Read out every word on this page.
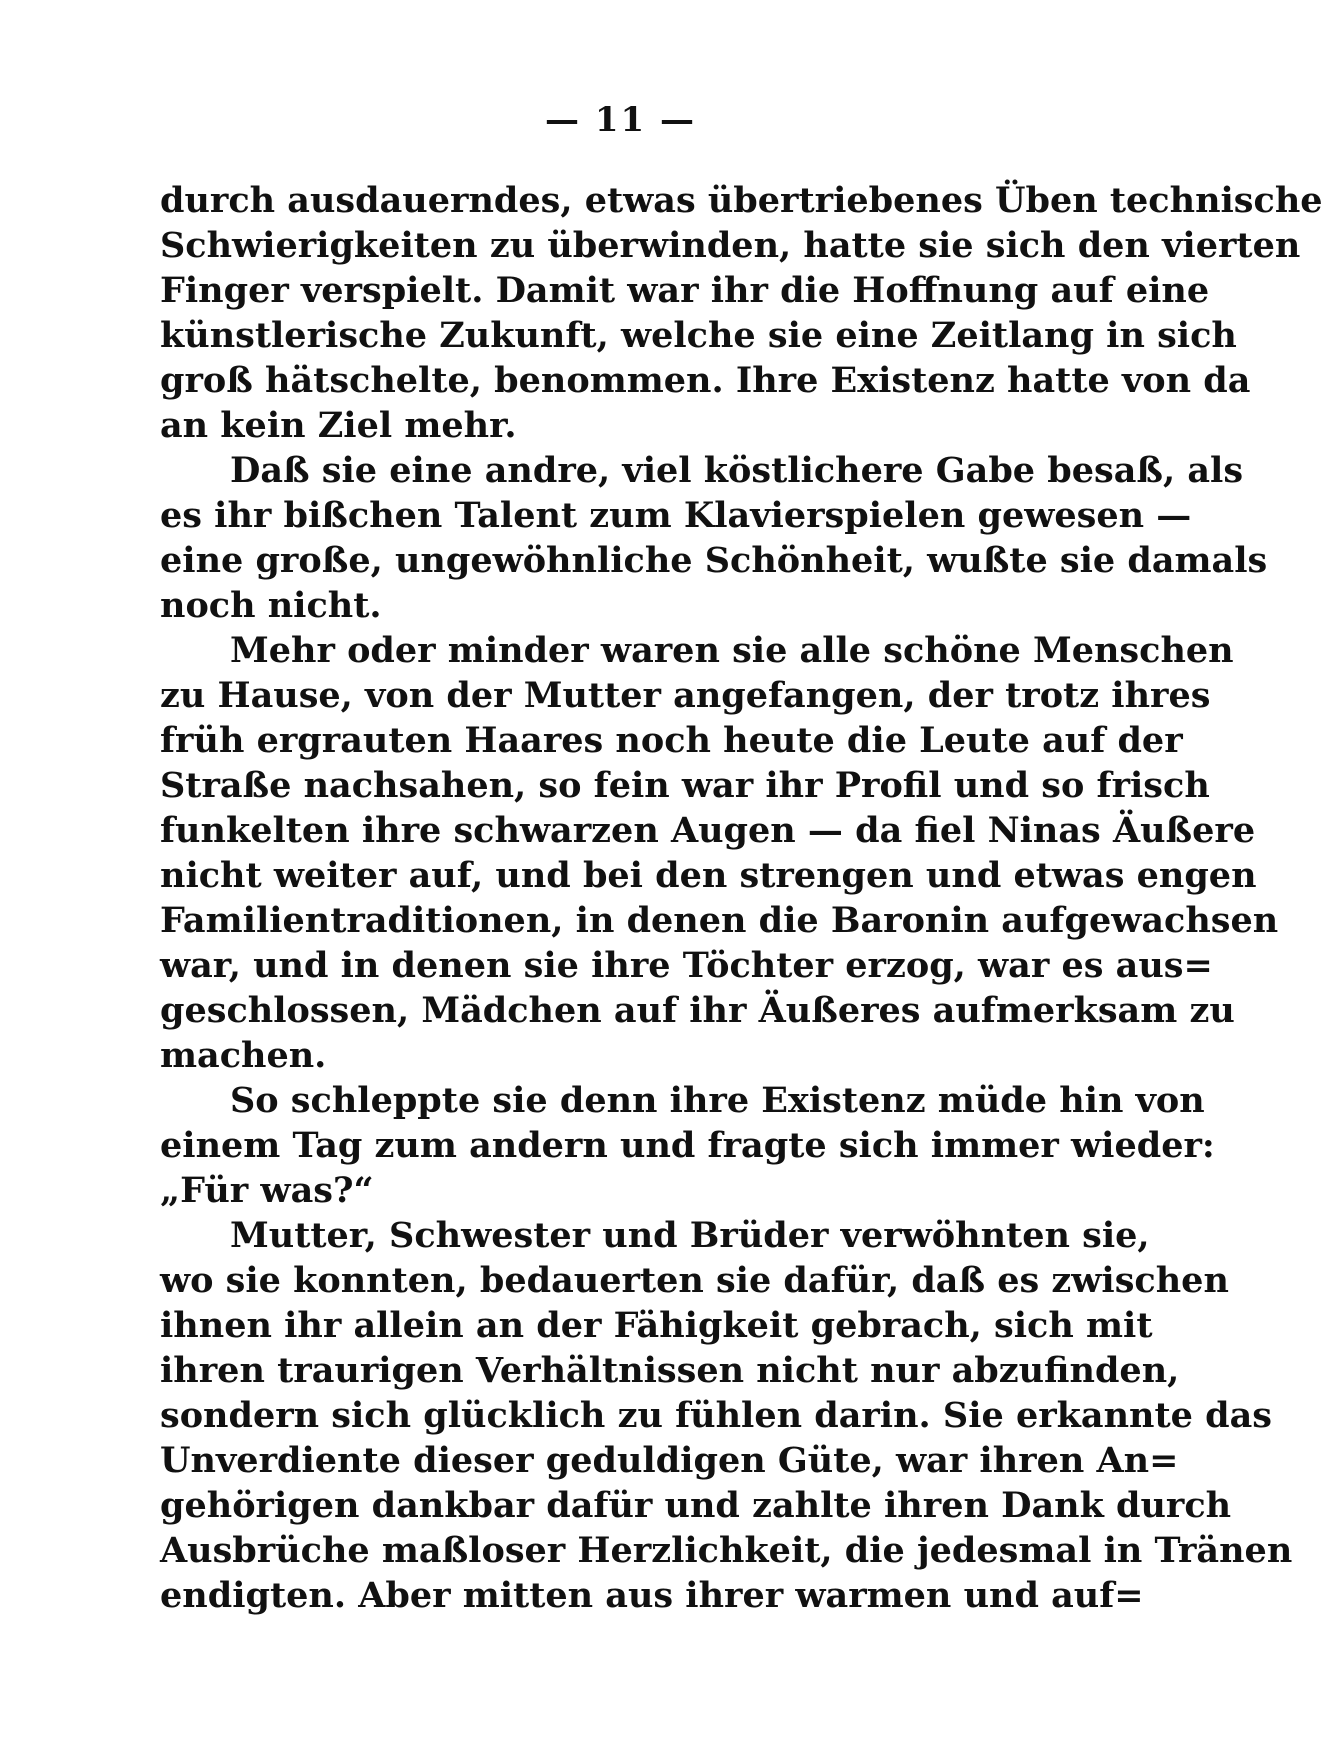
— 11 —
durch ausdauerndes, etwas übertriebenes Üben technische
Schwierigkeiten zu überwinden, hatte sie sich den vierten
Finger verspielt. Damit war ihr die Hoffnung auf eine
künstlerische Zukunft, welche sie eine Zeitlang in sich
groß hätschelte, benommen. Ihre Existenz hatte von da
an kein Ziel mehr.
Daß sie eine andre, viel köstlichere Gabe besaß, als
es ihr bißchen Talent zum Klavierspielen gewesen —
eine große, ungewöhnliche Schönheit, wußte sie damals
noch nicht.
Mehr oder minder waren sie alle schöne Menschen
zu Hause, von der Mutter angefangen, der trotz ihres
früh ergrauten Haares noch heute die Leute auf der
Straße nachsahen, so fein war ihr Profil und so frisch
funkelten ihre schwarzen Augen — da fiel Ninas Äußere
nicht weiter auf, und bei den strengen und etwas engen
Familientraditionen, in denen die Baronin aufgewachsen
war, und in denen sie ihre Töchter erzog, war es aus=
geschlossen, Mädchen auf ihr Äußeres aufmerksam zu
machen.
So schleppte sie denn ihre Existenz müde hin von
einem Tag zum andern und fragte sich immer wieder:
„Für was?“
Mutter, Schwester und Brüder verwöhnten sie,
wo sie konnten, bedauerten sie dafür, daß es zwischen
ihnen ihr allein an der Fähigkeit gebrach, sich mit
ihren traurigen Verhältnissen nicht nur abzufinden,
sondern sich glücklich zu fühlen darin. Sie erkannte das
Unverdiente dieser geduldigen Güte, war ihren An=
gehörigen dankbar dafür und zahlte ihren Dank durch
Ausbrüche maßloser Herzlichkeit, die jedesmal in Tränen
endigten. Aber mitten aus ihrer warmen und auf=
